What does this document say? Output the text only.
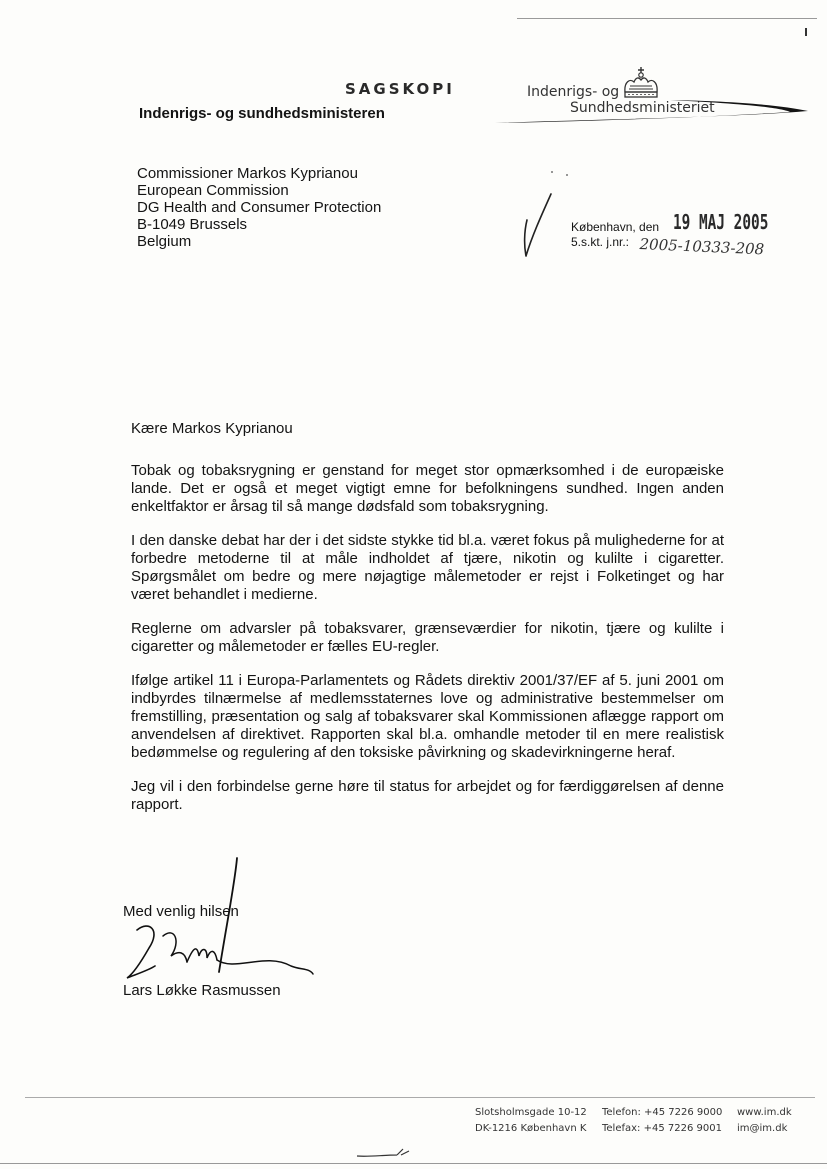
SAGSKOPI
Indenrigs- og sundhedsministeren
Indenrigs- og
Sundhedsministeriet
Commissioner Markos Kyprianou
European Commission
DG Health and Consumer Protection
B-1049 Brussels
Belgium
København, den
5.s.kt. j.nr.:
19 MAJ 2005
2005-10333-208

Kære Markos Kyprianou

Tobak og tobaksrygning er genstand for meget stor opmærksomhed i de europæiske lande. Det er også et meget vigtigt emne for befolkningens sundhed. Ingen anden enkeltfaktor er årsag til så mange dødsfald som tobaksrygning.

I den danske debat har der i det sidste stykke tid bl.a. været fokus på mulighederne for at forbedre metoderne til at måle indholdet af tjære, nikotin og kulilte i cigaretter. Spørgsmålet om bedre og mere nøjagtige målemetoder er rejst i Folketinget og har været behandlet i medierne.

Reglerne om advarsler på tobaksvarer, grænseværdier for nikotin, tjære og kulilte i cigaretter og målemetoder er fælles EU-regler.

Ifølge artikel 11 i Europa-Parlamentets og Rådets direktiv 2001/37/EF af 5. juni 2001 om indbyrdes tilnærmelse af medlemsstaternes love og administrative bestemmelser om fremstilling, præsentation og salg af tobaksvarer skal Kommissionen aflægge rapport om anvendelsen af direktivet. Rapporten skal bl.a. omhandle metoder til en mere realistisk bedømmelse og regulering af den toksiske påvirkning og skadevirkningerne heraf.

Jeg vil i den forbindelse gerne høre til status for arbejdet og for færdiggørelsen af denne rapport.

Med venlig hilsen
Lars Løkke Rasmussen
Slotsholmsgade 10-12
DK-1216 København K
Telefon: +45 7226 9000
Telefax: +45 7226 9001
www.im.dk
im@im.dk
